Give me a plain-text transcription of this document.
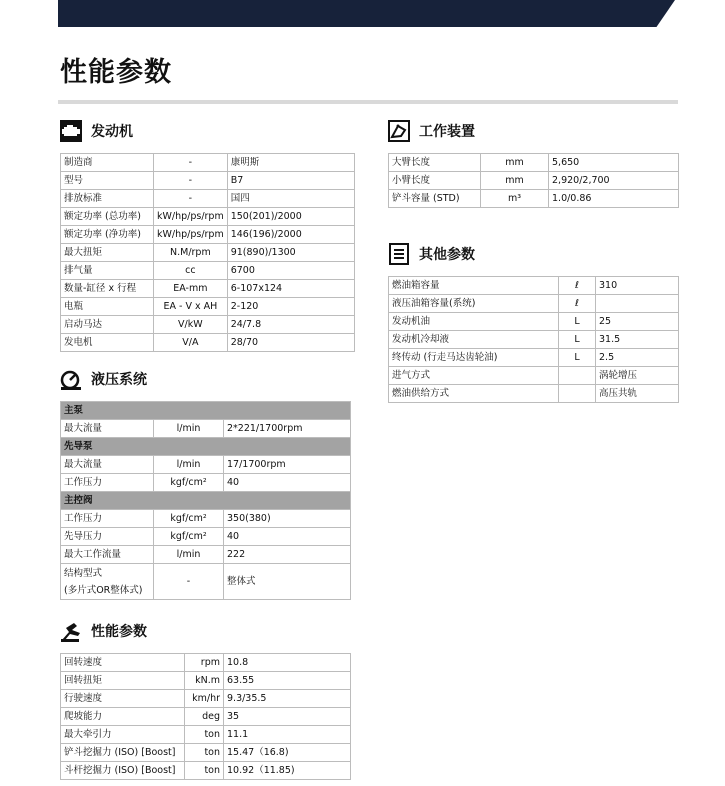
性能参数
发动机
制造商	-	康明斯
型号	-	B7
排放标准	-	国四
额定功率 (总功率)	kW/hp/ps/rpm	150(201)/2000
额定功率 (净功率)	kW/hp/ps/rpm	146(196)/2000
最大扭矩	N.M/rpm	91(890)/1300
排气量	cc	6700
数量-缸径 x 行程	EA-mm	6-107x124
电瓶	EA - V x AH	2-120
启动马达	V/kW	24/7.8
发电机	V/A	28/70
液压系统
主泵		
最大流量	l/min	2*221/1700rpm
先导泵		
最大流量	l/min	17/1700rpm
工作压力	kgf/cm²	40
主控阀		
工作压力	kgf/cm²	350(380)
先导压力	kgf/cm²	40
最大工作流量	l/min	222

结构型式
(多片式OR整体式)	-	整体式
性能参数
回转速度	rpm	10.8
回转扭矩	kN.m	63.55
行驶速度	km/hr	9.3/35.5
爬坡能力	deg	35
最大牵引力	ton	11.1
铲斗挖掘力 (ISO) [Boost]	ton	15.47（16.8)
斗杆挖掘力 (ISO) [Boost]	ton	10.92（11.85)
工作装置
大臂长度	mm	5,650
小臂长度	mm	2,920/2,700
铲斗容量 (STD)	m³	1.0/0.86
其他参数
燃油箱容量	ℓ	310
液压油箱容量(系统)	ℓ	
发动机油	L	25
发动机冷却液	L	31.5
终传动 (行走马达齿轮油)	L	2.5
进气方式		涡轮增压
燃油供给方式		高压共轨
